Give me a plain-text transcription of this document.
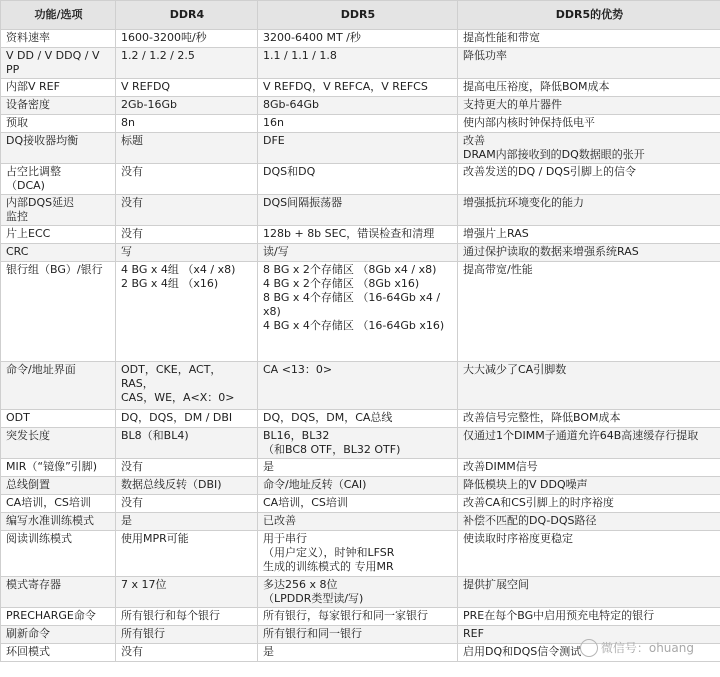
功能/选项	DDR4	DDR5	DDR5的优势

资料速率	1600-3200吨/秒	3200-6400 MT /秒	提高性能和带宽

V DD / V DDQ / V PP	1.2 / 1.2 / 2.5	1.1 / 1.1 / 1.8	降低功率

内部V REF	V REFDQ	V REFDQ，V REFCA，V REFCS	提高电压裕度，降低BOM成本

设备密度	2Gb-16Gb	8Gb-64Gb	支持更大的单片器件

预取	8n	16n	使内部内核时钟保持低电平

DQ接收器均衡	标题	DFE	改善
DRAM内部接收到的DQ数据眼的张开

占空比调整
（DCA)	没有	DQS和DQ	改善发送的DQ / DQS引脚上的信令

内部DQS延迟
监控	没有	DQS间隔振荡器	增强抵抗环境变化的能力

片上ECC	没有	128b + 8b SEC，错误检查和清理	增强片上RAS

CRC	写	读/写	通过保护读取的数据来增强系统RAS

银行组（BG）/银行	4 BG x 4组 （x4 / x8)
2 BG x 4组 （x16)	8 BG x 2个存储区 （8Gb x4 / x8)
4 BG x 2个存储区 （8Gb x16)
8 BG x 4个存储区 （16-64Gb x4 /
x8)
4 BG x 4个存储区 （16-64Gb x16)	提高带宽/性能

命令/地址界面	ODT，CKE，ACT，
RAS，
CAS，WE，A<X：0>	CA <13：0>	大大减少了CA引脚数

ODT	DQ，DQS，DM / DBI	DQ，DQS，DM，CA总线	改善信号完整性，降低BOM成本

突发长度	BL8（和BL4)	BL16，BL32
（和BC8 OTF，BL32 OTF)	仅通过1个DIMM子通道允许64B高速缓存行提取

MIR（“镜像”引脚)	没有	是	改善DIMM信号

总线倒置	数据总线反转（DBI)	命令/地址反转（CAI)	降低模块上的V DDQ噪声

CA培训，CS培训	没有	CA培训，CS培训	改善CA和CS引脚上的时序裕度

编写水准训练模式	是	已改善	补偿不匹配的DQ-DQS路径

阅读训练模式	使用MPR可能	用于串行
（用户定义），时钟和LFSR
生成的训练模式的 专用MR	使读取时序裕度更稳定

模式寄存器	7 x 17位	多达256 x 8位
（LPDDR类型读/写)	提供扩展空间

PRECHARGE命令	所有银行和每个银行	所有银行，每家银行和同一家银行	PRE在每个BG中启用预充电特定的银行

刷新命令	所有银行	所有银行和同一银行	REF

环回模式	没有	是	启用DQ和DQS信令测试	微信号：ohuang
